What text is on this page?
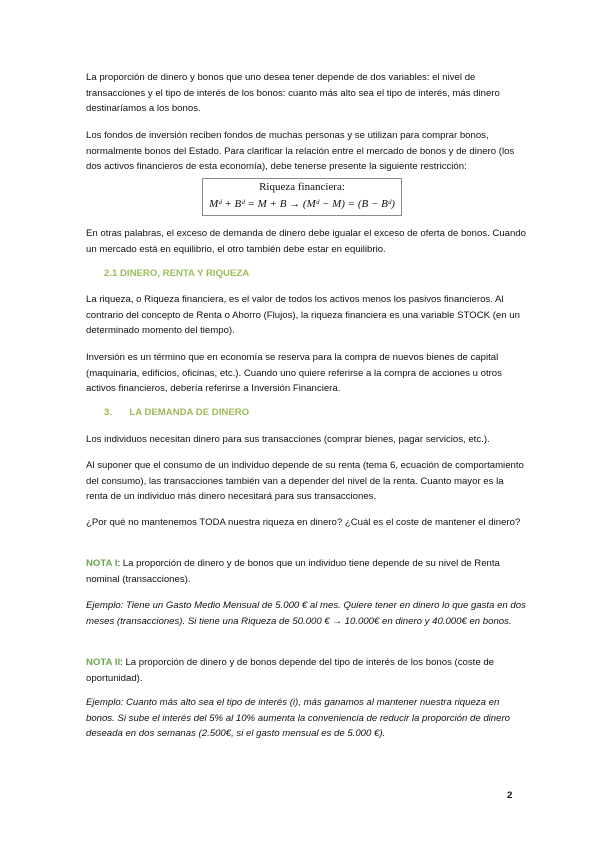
La proporción de dinero y bonos que uno desea tener depende de dos variables: el nivel de transacciones y el tipo de interés de los bonos: cuanto más alto sea el tipo de interés, más dinero destinaríamos a los bonos.

Los fondos de inversión reciben fondos de muchas personas y se utilizan para comprar bonos, normalmente bonos del Estado. Para clarificar la relación entre el mercado de bonos y de dinero (los dos activos financieros de esta economía), debe tenerse presente la siguiente restricción:

Riqueza financiera:
Mᵈ + Bᵈ = M + B → (Mᵈ − M) = (B − Bᵈ)

En otras palabras, el exceso de demanda de dinero debe igualar el exceso de oferta de bonos. Cuando un mercado está en equilibrio, el otro también debe estar en equilibrio.

2.1 DINERO, RENTA Y RIQUEZA

La riqueza, o Riqueza financiera, es el valor de todos los activos menos los pasivos financieros. Al contrario del concepto de Renta o Ahorro (Flujos), la riqueza financiera es una variable STOCK (en un determinado momento del tiempo).

Inversión es un término que en economía se reserva para la compra de nuevos bienes de capital (maquinaria, edificios, oficinas, etc.). Cuando uno quiere referirse a la compra de acciones u otros activos financieros, debería referirse a Inversión Financiera.

3. LA DEMANDA DE DINERO

Los individuos necesitan dinero para sus transacciones (comprar bienes, pagar servicios, etc.).

Al suponer que el consumo de un individuo depende de su renta (tema 6, ecuación de comportamiento del consumo), las transacciones también van a depender del nivel de la renta. Cuanto mayor es la renta de un individuo más dinero necesitará para sus transacciones.

¿Por qué no mantenemos TODA nuestra riqueza en dinero? ¿Cuál es el coste de mantener el dinero?

NOTA I: La proporción de dinero y de bonos que un individuo tiene depende de su nivel de Renta nominal (transacciones).

Ejemplo: Tiene un Gasto Medio Mensual de 5.000 € al mes. Quiere tener en dinero lo que gasta en dos meses (transacciones). Si tiene una Riqueza de 50.000 € → 10.000€ en dinero y 40.000€ en bonos.

NOTA II: La proporción de dinero y de bonos depende del tipo de interés de los bonos (coste de oportunidad).

Ejemplo: Cuanto más alto sea el tipo de interés (i), más ganamos al mantener nuestra riqueza en bonos. Si sube el interés del 5% al 10% aumenta la conveniencia de reducir la proporción de dinero deseada en dos semanas (2.500€, si el gasto mensual es de 5.000 €).

2
